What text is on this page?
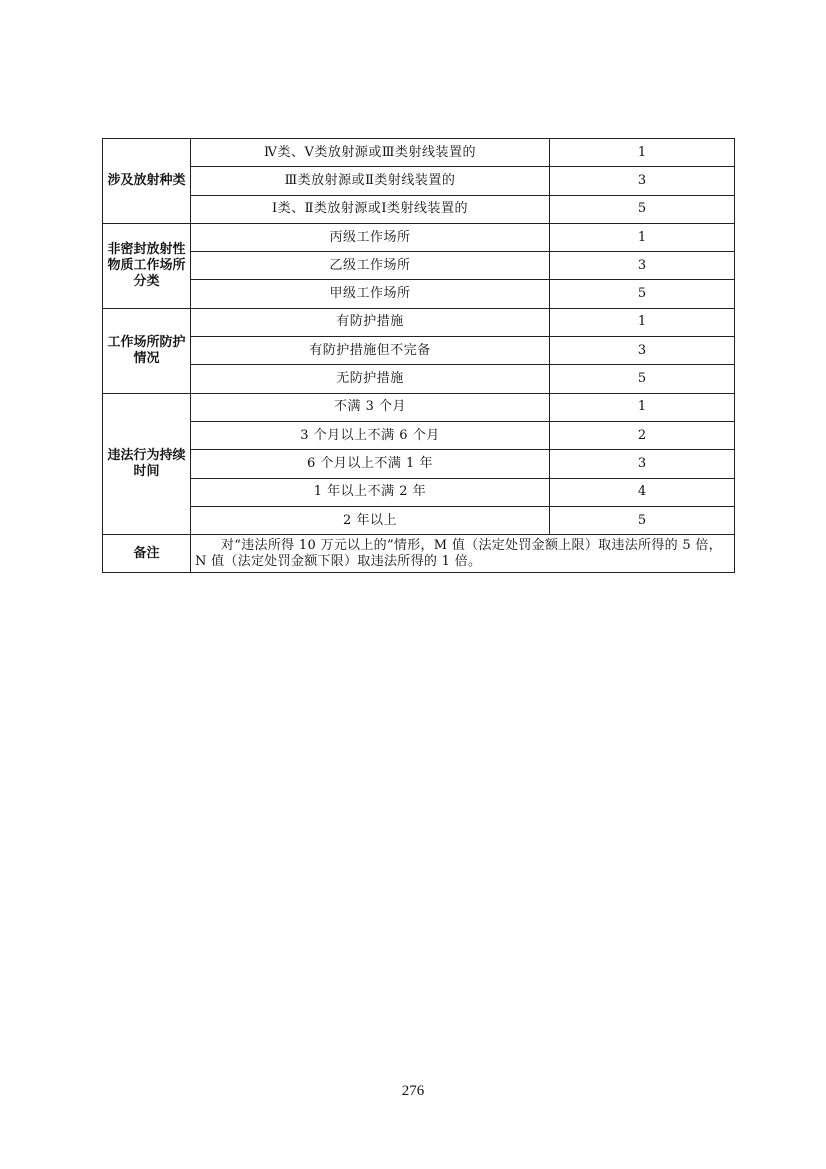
涉及放射种类	Ⅳ类、Ⅴ类放射源或Ⅲ类射线装置的	1
	Ⅲ类放射源或Ⅱ类射线装置的	3
	Ⅰ类、Ⅱ类放射源或Ⅰ类射线装置的	5
非密封放射性物质工作场所分类	丙级工作场所	1
	乙级工作场所	3
	甲级工作场所	5
工作场所防护情况	有防护措施	1
	有防护措施但不完备	3
	无防护措施	5
违法行为持续时间	不满 3 个月	1
	3 个月以上不满 6 个月	2
	6 个月以上不满 1 年	3
	1 年以上不满 2 年	4
	2 年以上	5
备注	对“违法所得 10 万元以上的”情形，M 值（法定处罚金额上限）取违法所得的 5 倍，N 值（法定处罚金额下限）取违法所得的 1 倍。	
276
